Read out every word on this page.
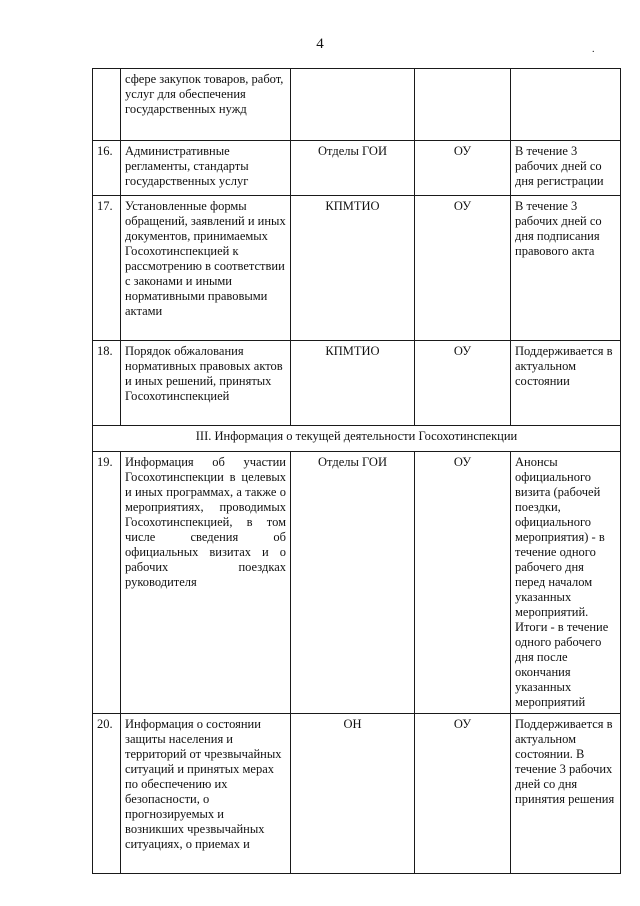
4	.
	сфере закупок товаров, работ, услуг для обеспечения государственных нужд			
16.	Административные регламенты, стандарты государственных услуг	Отделы ГОИ	ОУ	В течение 3 рабочих дней со дня регистрации
17.	Установленные формы обращений, заявлений и иных документов, принимаемых Госохотинспекцией к рассмотрению в соответствии с законами и иными нормативными правовыми актами	КПМТИО	ОУ	В течение 3 рабочих дней со дня подписания правового акта
18.	Порядок обжалования нормативных правовых актов и иных решений, принятых Госохотинспекцией	КПМТИО	ОУ	Поддерживается в актуальном состоянии
III. Информация о текущей деятельности Госохотинспекции				
19.	Информация об участии Госохотинспекции в целевых и иных программах, а также о мероприятиях, проводимых Госохотинспекцией, в том числе сведения об официальных визитах и о рабочих поездках руководителя	Отделы ГОИ	ОУ	Анонсы официального визита (рабочей поездки, официального мероприятия) - в течение одного рабочего дня перед началом указанных мероприятий. Итоги - в течение одного рабочего дня после окончания указанных мероприятий
20.	Информация о состоянии защиты населения и территорий от чрезвычайных ситуаций и принятых мерах по обеспечению их безопасности, о прогнозируемых и возникших чрезвычайных ситуациях, о приемах и	ОН	ОУ	Поддерживается в актуальном состоянии. В течение 3 рабочих дней со дня принятия решения
